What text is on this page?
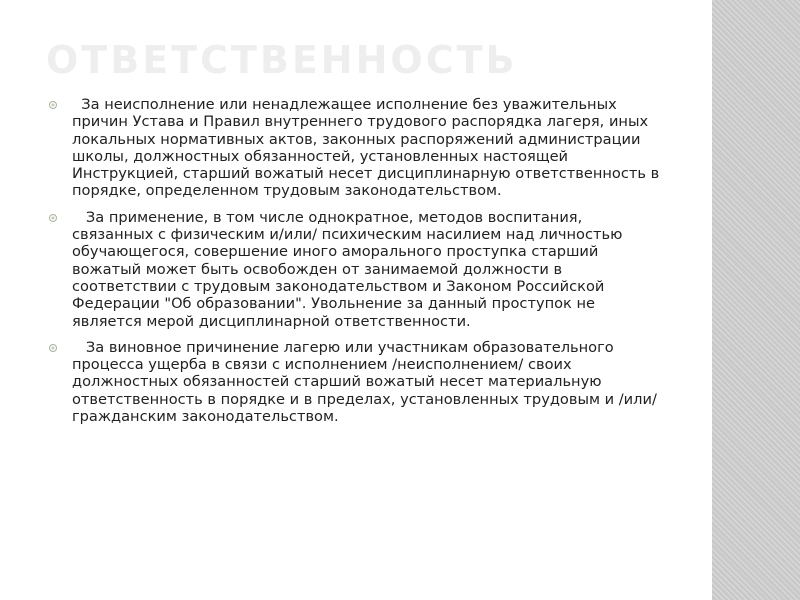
ОТВЕТСТВЕННОСТЬ
За неисполнение или ненадлежащее исполнение без уважительных причин Устава и Правил внутреннего трудового распорядка лагеря, иных локальных нормативных актов, законных распоряжений администрации школы, должностных обязанностей, установленных настоящей Инструкцией, старший вожатый несет дисциплинарную ответственность в порядке, определенном трудовым законодательством.
За применение, в том числе однократное, методов воспитания, связанных с физическим и/или/ психическим насилием над личностью обучающегося, совершение иного аморального проступка старший вожатый может быть освобожден от занимаемой должности в соответствии с трудовым законодательством и Законом Российской Федерации "Об образовании". Увольнение за данный проступок не является мерой дисциплинарной ответственности.
За виновное причинение лагерю или участникам образовательного процесса ущерба в связи с исполнением /неисполнением/ своих должностных обязанностей старший вожатый несет материальную ответственность в порядке и в пределах, установленных трудовым и /или/ гражданским законодательством.
